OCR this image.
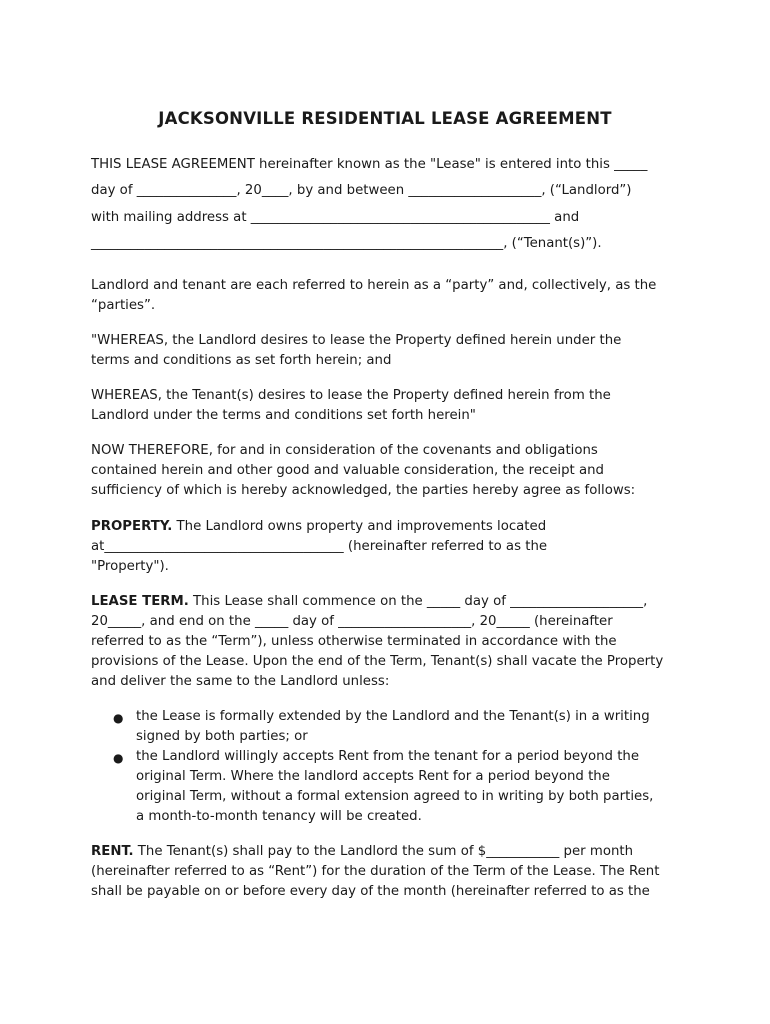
JACKSONVILLE RESIDENTIAL LEASE AGREEMENT
THIS LEASE AGREEMENT hereinafter known as the "Lease" is entered into this _____
day of _______________, 20____, by and between ____________________, (“Landlord”)
with mailing address at _____________________________________________ and
______________________________________________________________, (“Tenant(s)”).
Landlord and tenant are each referred to herein as a “party” and, collectively, as the
“parties”.
"WHEREAS, the Landlord desires to lease the Property defined herein under the
terms and conditions as set forth herein; and
WHEREAS, the Tenant(s) desires to lease the Property defined herein from the
Landlord under the terms and conditions set forth herein"
NOW THEREFORE, for and in consideration of the covenants and obligations
contained herein and other good and valuable consideration, the receipt and
sufficiency of which is hereby acknowledged, the parties hereby agree as follows:
PROPERTY. The Landlord owns property and improvements located
at____________________________________ (hereinafter referred to as the
"Property").
LEASE TERM. This Lease shall commence on the _____ day of ____________________,
20_____, and end on the _____ day of ____________________, 20_____ (hereinafter
referred to as the “Term”), unless otherwise terminated in accordance with the
provisions of the Lease. Upon the end of the Term, Tenant(s) shall vacate the Property
and deliver the same to the Landlord unless:
● the Lease is formally extended by the Landlord and the Tenant(s) in a writing
signed by both parties; or
● the Landlord willingly accepts Rent from the tenant for a period beyond the
original Term. Where the landlord accepts Rent for a period beyond the
original Term, without a formal extension agreed to in writing by both parties,
a month-to-month tenancy will be created.
RENT. The Tenant(s) shall pay to the Landlord the sum of $___________ per month
(hereinafter referred to as “Rent”) for the duration of the Term of the Lease. The Rent
shall be payable on or before every day of the month (hereinafter referred to as the
